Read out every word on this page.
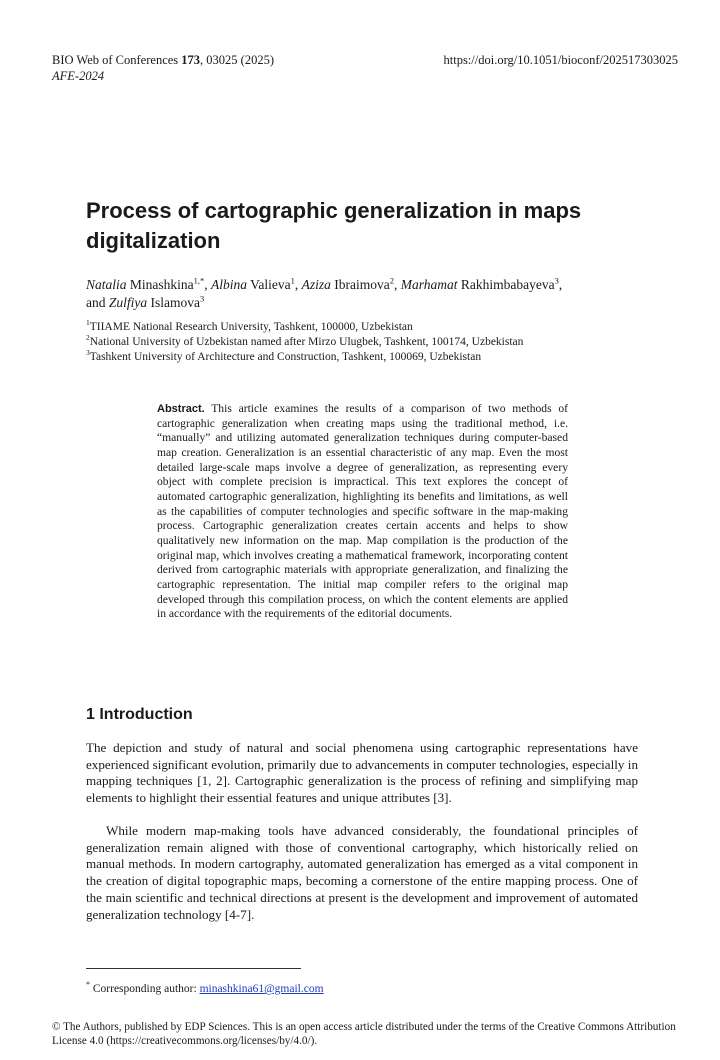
BIO Web of Conferences 173, 03025 (2025)
AFE-2024
https://doi.org/10.1051/bioconf/202517303025
Process of cartographic generalization in maps digitalization
Natalia Minashkina$^{1,*}$, Albina Valieva$^1$, Aziza Ibraimova$^2$, Marhamat Rakhimbabayeva$^3$,
and Zulfiya Islamova$^3$
$^1$TIIAME National Research University, Tashkent, 100000, Uzbekistan
$^2$National University of Uzbekistan named after Mirzo Ulugbek, Tashkent, 100174, Uzbekistan
$^3$Tashkent University of Architecture and Construction, Tashkent, 100069, Uzbekistan
Abstract. This article examines the results of a comparison of two methods of cartographic generalization when creating maps using the traditional method, i.e. “manually” and utilizing automated generalization techniques during computer-based map creation. Generalization is an essential characteristic of any map. Even the most detailed large-scale maps involve a degree of generalization, as representing every object with complete precision is impractical. This text explores the concept of automated cartographic generalization, highlighting its benefits and limitations, as well as the capabilities of computer technologies and specific software in the map-making process. Cartographic generalization creates certain accents and helps to show qualitatively new information on the map. Map compilation is the production of the original map, which involves creating a mathematical framework, incorporating content derived from cartographic materials with appropriate generalization, and finalizing the cartographic representation. The initial map compiler refers to the original map developed through this compilation process, on which the content elements are applied in accordance with the requirements of the editorial documents.
1 Introduction

The depiction and study of natural and social phenomena using cartographic representations have experienced significant evolution, primarily due to advancements in computer technologies, especially in mapping techniques [1, 2]. Cartographic generalization is the process of refining and simplifying map elements to highlight their essential features and unique attributes [3].

While modern map-making tools have advanced considerably, the foundational principles of generalization remain aligned with those of conventional cartography, which historically relied on manual methods. In modern cartography, automated generalization has emerged as a vital component in the creation of digital topographic maps, becoming a cornerstone of the entire mapping process. One of the main scientific and technical directions at present is the development and improvement of automated generalization technology [4-7].

* Corresponding author: minashkina61@gmail.com
© The Authors, published by EDP Sciences. This is an open access article distributed under the terms of the Creative Commons Attribution License 4.0 (https://creativecommons.org/licenses/by/4.0/).
